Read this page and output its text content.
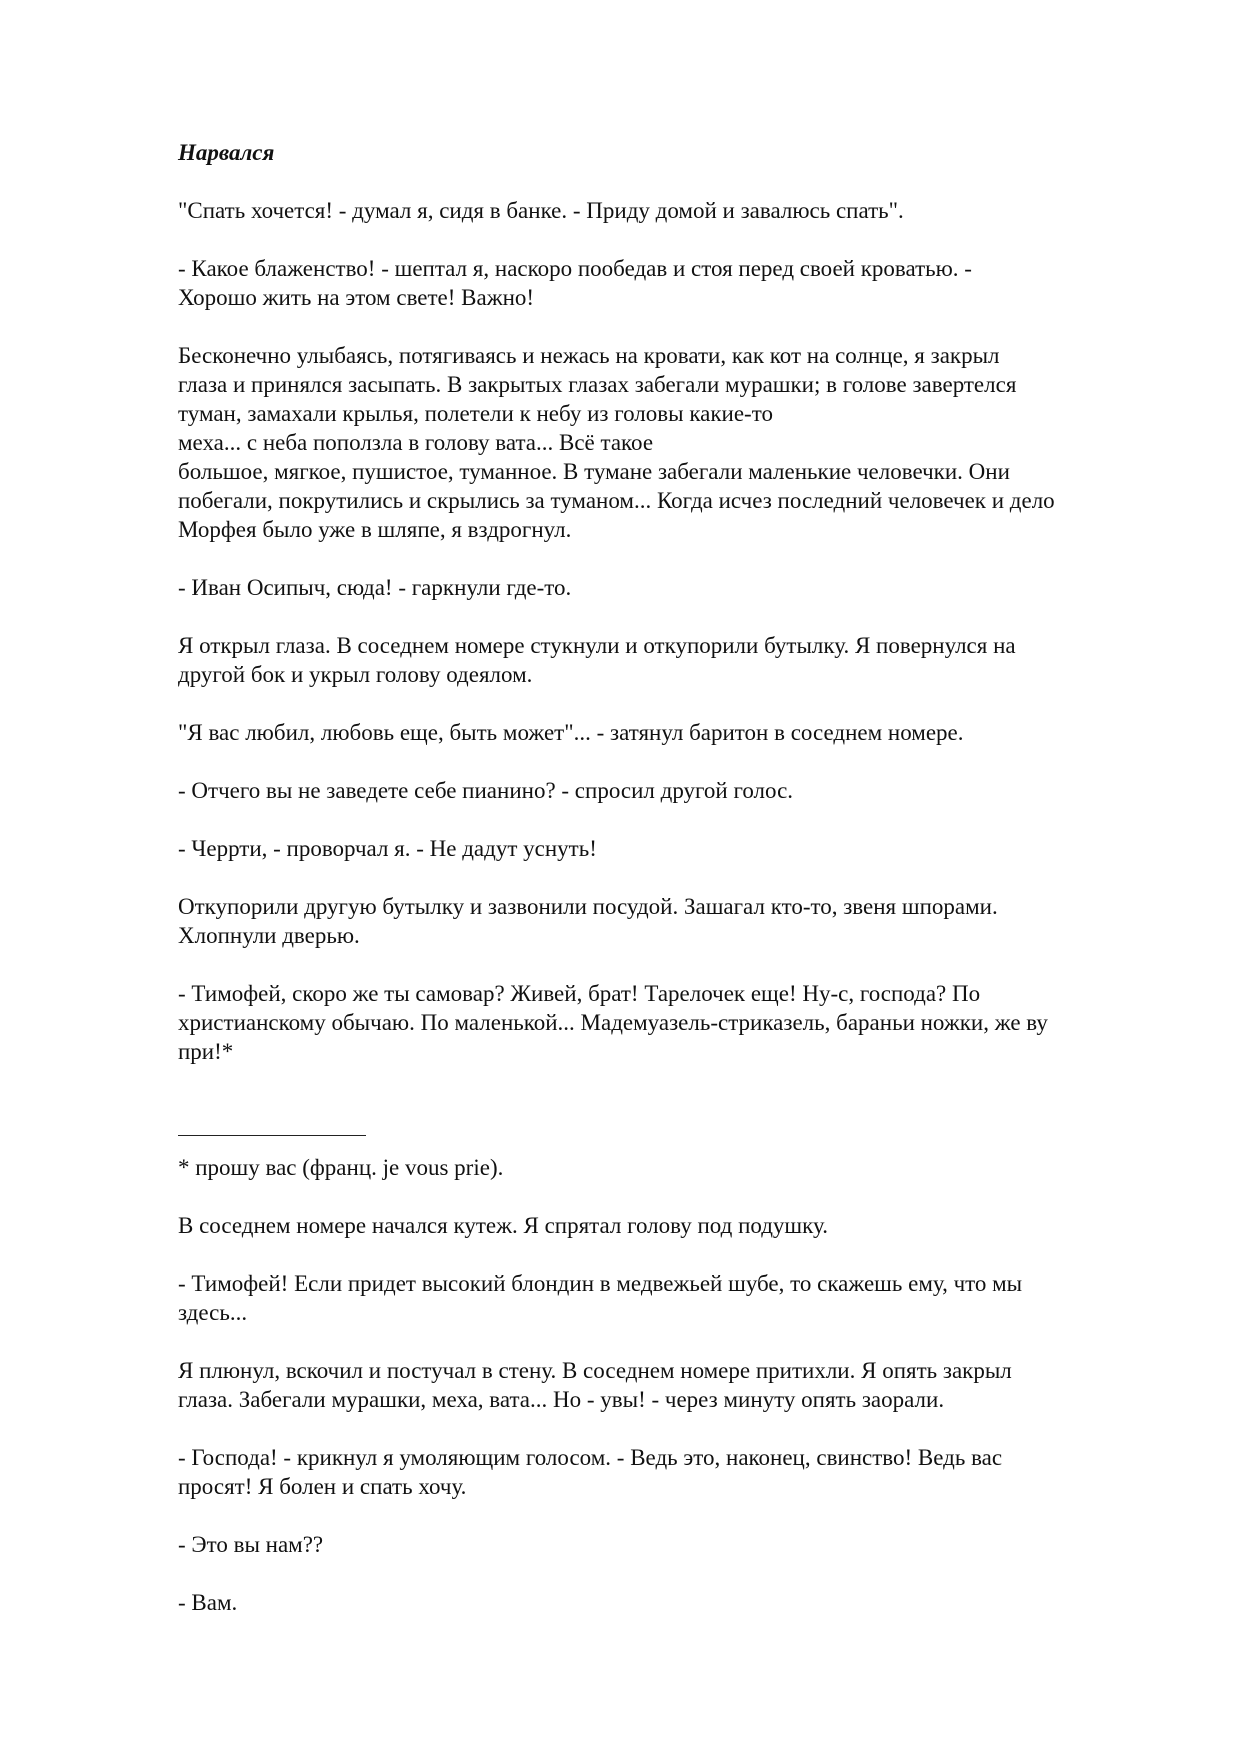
Нарвался
"Спать хочется! - думал я, сидя в банке. - Приду домой и завалюсь спать".
- Какое блаженство! - шептал я, наскоро пообедав и стоя перед своей кроватью. -
Хорошо жить на этом свете! Важно!
Бесконечно улыбаясь, потягиваясь и нежась на кровати, как кот на солнце, я закрыл
глаза и принялся засыпать. В закрытых глазах забегали мурашки; в голове завертелся
туман, замахали крылья, полетели к небу из головы какие-то
меха... с неба поползла в голову вата... Всё такое
большое, мягкое, пушистое, туманное. В тумане забегали маленькие человечки. Они
побегали, покрутились и скрылись за туманом... Когда исчез последний человечек и дело
Морфея было уже в шляпе, я вздрогнул.
- Иван Осипыч, сюда! - гаркнули где-то.
Я открыл глаза. В соседнем номере стукнули и откупорили бутылку. Я повернулся на
другой бок и укрыл голову одеялом.
"Я вас любил, любовь еще, быть может"... - затянул баритон в соседнем номере.
- Отчего вы не заведете себе пианино? - спросил другой голос.
- Черрти, - проворчал я. - Не дадут уснуть!
Откупорили другую бутылку и зазвонили посудой. Зашагал кто-то, звеня шпорами.
Хлопнули дверью.
- Тимофей, скоро же ты самовар? Живей, брат! Тарелочек еще! Ну-с, господа? По
христианскому обычаю. По маленькой... Мадемуазель-стриказель, бараньи ножки, же ву
при!*
* прошу вас (франц. je vous prie).
В соседнем номере начался кутеж. Я спрятал голову под подушку.
- Тимофей! Если придет высокий блондин в медвежьей шубе, то скажешь ему, что мы
здесь...
Я плюнул, вскочил и постучал в стену. В соседнем номере притихли. Я опять закрыл
глаза. Забегали мурашки, меха, вата... Но - увы! - через минуту опять заорали.
- Господа! - крикнул я умоляющим голосом. - Ведь это, наконец, свинство! Ведь вас
просят! Я болен и спать хочу.
- Это вы нам??
- Вам.
